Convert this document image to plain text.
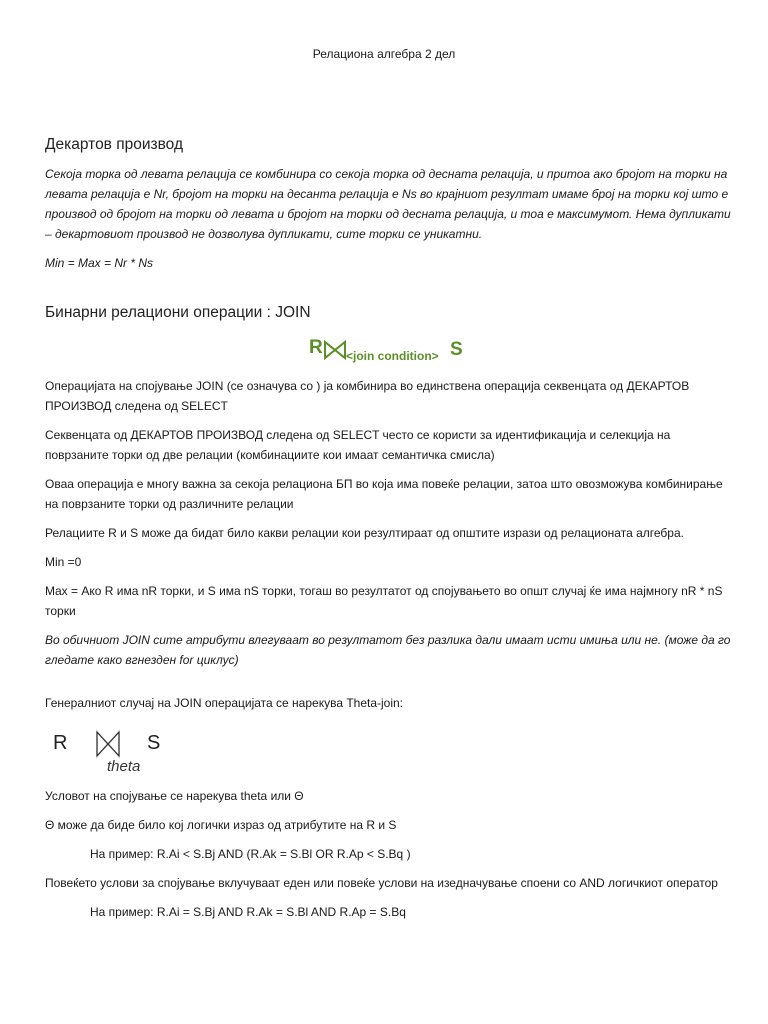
Релациона алгебра 2 дел
Декартов производ

Секоја торка од левата релација се комбинира со секоја торка од десната релација, и притоа ако бројот на торки на левата релација е Nr, бројот на торки на десанта релација е Ns во крајниот резултат имаме број на торки кој што е производ од бројот на торки од левата и бројот на торки од десната релација, и тоа е максимумот. Нема дупликати – декартовиот производ не дозволува дупликати, сите торки се уникатни.

Min = Max = Nr * Ns

Бинарни релациони операции : JOIN
R <join condition> S

Операцијата на спојување JOIN (се означува со ) ја комбинира во единствена операција секвенцата од ДЕКАРТОВ ПРОИЗВОД следена од SELECT

Секвенцата од ДЕКАРТОВ ПРОИЗВОД следена од SELECT често се користи за идентификација и селекција на поврзаните торки од две релации (комбинациите кои имаат семантичка смисла)

Оваа операција е многу важна за секоја релациона БП во која има повеќе релации, затоа што овозможува комбинирање на поврзаните торки од различните релации

Релациите R и S може да бидат било какви релации кои резултираат од општите изрази од релационата алгебра.

Min =0

Max = Ако R има nR торки, и S има nS торки, тогаш во резултатот од спојувањето во општ случај ќе има најмногу nR * nS торки

Во обичниот JOIN сите атрибути влегуваат во резултатот без разлика дали имаат исти имиња или не. (може да го гледате како вгнезден for циклус)

Генералниот случај на JOIN операцијата се нарекува Theta-join:

R	S
theta

Условот на спојување се нарекува theta или Θ

Θ може да биде било кој логички израз од атрибутите на R и S

На пример: R.Ai < S.Bj AND (R.Ak = S.Bl OR R.Ap < S.Bq )

Повеќето услови за спојување вклучуваат еден или повеќе услови на изедначување споени со AND логичкиот оператор

На пример: R.Ai = S.Bj AND R.Ak = S.Bl AND R.Ap = S.Bq
